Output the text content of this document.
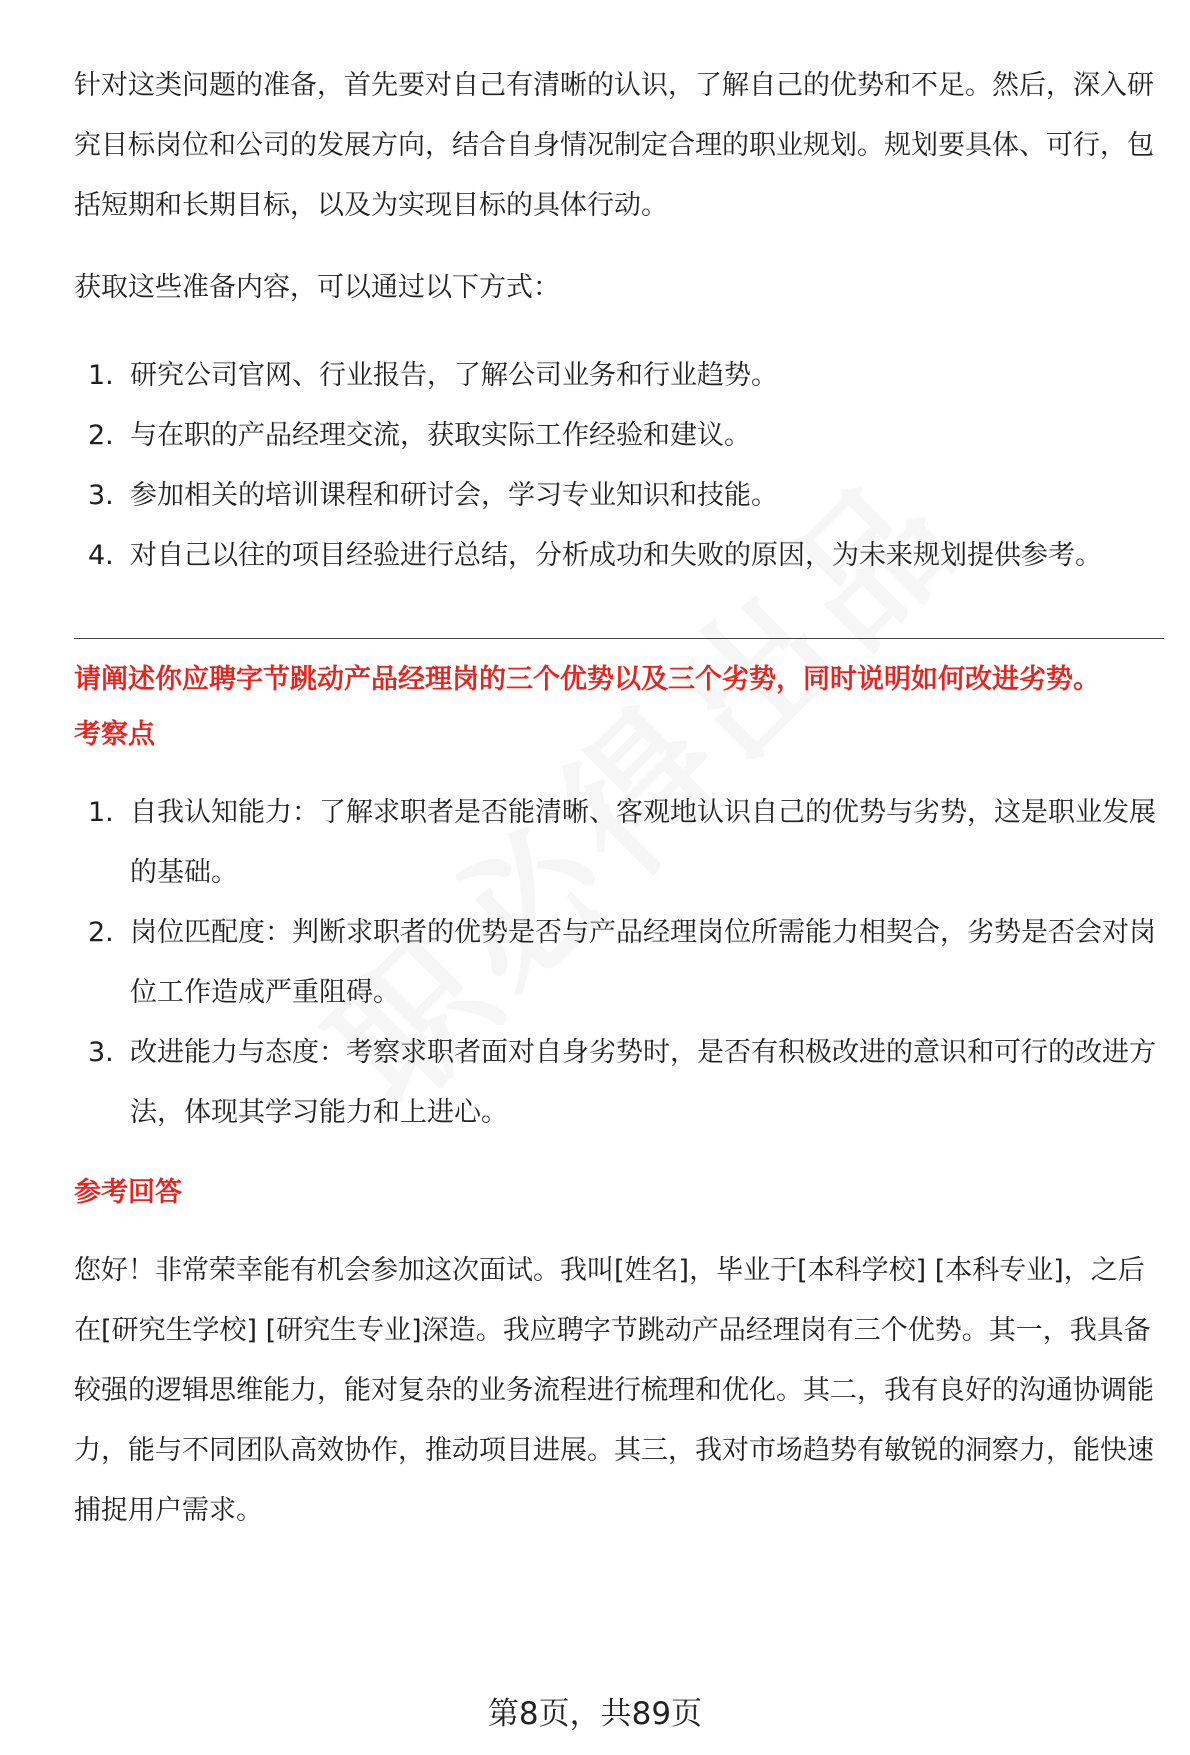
针对这类问题的准备，首先要对自己有清晰的认识，了解自己的优势和不足。然后，深入研究目标岗位和公司的发展方向，结合自身情况制定合理的职业规划。规划要具体、可行，包括短期和长期目标，以及为实现目标的具体行动。

获取这些准备内容，可以通过以下方式：

1. 研究公司官网、行业报告，了解公司业务和行业趋势。
2. 与在职的产品经理交流，获取实际工作经验和建议。
3. 参加相关的培训课程和研讨会，学习专业知识和技能。
4. 对自己以往的项目经验进行总结，分析成功和失败的原因，为未来规划提供参考。

请阐述你应聘字节跳动产品经理岗的三个优势以及三个劣势，同时说明如何改进劣势。

考察点

1. 自我认知能力：了解求职者是否能清晰、客观地认识自己的优势与劣势，这是职业发展的基础。
2. 岗位匹配度：判断求职者的优势是否与产品经理岗位所需能力相契合，劣势是否会对岗位工作造成严重阻碍。
3. 改进能力与态度：考察求职者面对自身劣势时，是否有积极改进的意识和可行的改进方法，体现其学习能力和上进心。

参考回答

您好！非常荣幸能有机会参加这次面试。我叫[姓名]，毕业于[本科学校] [本科专业]，之后在[研究生学校] [研究生专业]深造。我应聘字节跳动产品经理岗有三个优势。其一，我具备较强的逻辑思维能力，能对复杂的业务流程进行梳理和优化。其二，我有良好的沟通协调能力，能与不同团队高效协作，推动项目进展。其三，我对市场趋势有敏锐的洞察力，能快速捕捉用户需求。

第8页，共89页
